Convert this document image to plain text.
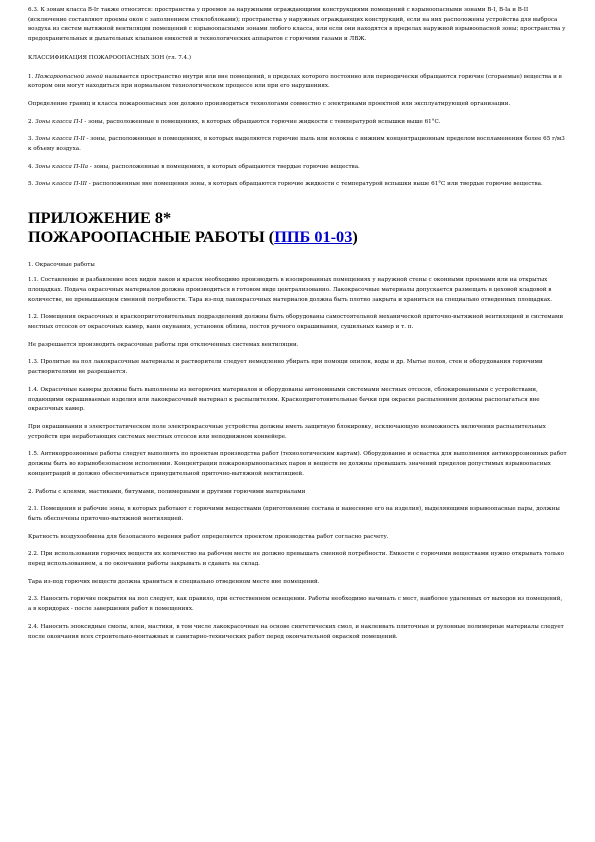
6.3. К зонам класса В-Iг также относятся: пространства у проемов за наружными ограждающими конструкциями помещений с взрывоопасными зонами В-I, В-Iа и В-II (исключение составляют проемы окон с заполнением стеклоблоками); пространства у наружных ограждающих конструкций, если на них расположены устройства для выброса воздуха из систем вытяжной вентиляции помещений с взрывоопасными зонами любого класса, или если они находятся в пределах наружной взрывоопасной зоны; пространства у предохранительных и дыхательных клапанов емкостей и технологических аппаратов с горючими газами и ЛВЖ.

КЛАССИФИКАЦИЯ ПОЖАРООПАСНЫХ ЗОН (гл. 7.4.)

1. Пожароопасной зоной называется пространство внутри или вне помещений, в пределах которого постоянно или периодически обращаются горючие (сгораемые) вещества и в котором они могут находиться при нормальном технологическом процессе или при его нарушениях.

Определение границ и класса пожароопасных зон должно производиться технологами совместно с электриками проектной или эксплуатирующей организации.

2. Зоны класса П-I - зоны, расположенные в помещениях, в которых обращаются горючие жидкости с температурой вспышки выше 61°С.

3. Зоны класса П-II - зоны, расположенные в помещениях, в которых выделяются горючие пыль или волокна с нижним концентрационным пределом воспламенения более 65 г/м3 к объему воздуха.

4. Зоны класса П-IIа - зоны, расположенные в помещениях, в которых обращаются твердые горючие вещества.

5. Зоны класса П-III - расположенные вне помещения зоны, в которых обращаются горючие жидкости с температурой вспышки выше 61°С или твердые горючие вещества.

ПРИЛОЖЕНИЕ 8*
ПОЖАРООПАСНЫЕ РАБОТЫ (ППБ 01-03)

1. Окрасочные работы

1.1. Составление и разбавление всех видов лаков и красок необходимо производить в изолированных помещениях у наружной стены с оконными проемами или на открытых площадках. Подача окрасочных материалов должна производиться в готовом виде централизованно. Лакокрасочные материалы допускается размещать в цеховой кладовой в количестве, не превышающем сменной потребности. Тара из-под лакокрасочных материалов должна быть плотно закрыта и храниться на специально отведенных площадках.

1.2. Помещения окрасочных и краскоприготовительных подразделений должны быть оборудованы самостоятельной механической приточно-вытяжной вентиляцией и системами местных отсосов от окрасочных камер, ванн окунания, установок облива, постов ручного окрашивания, сушильных камер и т. п.

Не разрешается производить окрасочные работы при отключенных системах вентиляции.

1.3. Пролитые на пол лакокрасочные материалы и растворители следует немедленно убирать при помощи опилок, воды и др. Мытье полов, стен и оборудования горючими растворителями не разрешается.

1.4. Окрасочные камеры должны быть выполнены из негорючих материалов и оборудованы автономными системами местных отсосов, сблокированными с устройствами, подающими окрашиваемые изделия или лакокрасочный материал к распылителям. Краскоприготовительные бачки при окраске распылением должны располагаться вне окрасочных камер.

При окрашивании в электростатическом поле электрокрасочные устройства должны иметь защитную блокировку, исключающую возможность включения распылительных устройств при неработающих системах местных отсосов или неподвижном конвейере.

1.5. Антикоррозионные работы следует выполнять по проектам производства работ (технологическим картам). Оборудование и оснастка для выполнения антикоррозионных работ должны быть во взрывобезопасном исполнении. Концентрации пожаровзрывоопасных паров и веществ не должны превышать значений пределов допустимых взрывоопасных концентраций и должно обеспечиваться принудительной приточно-вытяжной вентиляцией.

2. Работы с клеями, мастиками, битумами, полимерными и другими горючими материалами

2.1. Помещения и рабочие зоны, в которых работают с горючими веществами (приготовление состава и нанесение его на изделия), выделяющими взрывоопасные пары, должны быть обеспечены приточно-вытяжной вентиляцией.

Кратность воздухообмена для безопасного ведения работ определяется проектом производства работ согласно расчету.

2.2. При использовании горючих веществ их количество на рабочем месте не должно превышать сменной потребности. Емкости с горючими веществами нужно открывать только перед использованием, а по окончании работы закрывать и сдавать на склад.

Тара из-под горючих веществ должна храниться в специально отведенном месте вне помещений.

2.3. Наносить горючие покрытия на пол следует, как правило, при естественном освещении. Работы необходимо начинать с мест, наиболее удаленных от выходов из помещений, а в коридорах - после завершения работ в помещениях.

2.4. Наносить эпоксидные смолы, клеи, мастики, в том числе лакокрасочные на основе синтетических смол, и наклеивать плиточные и рулонные полимерные материалы следует после окончания всех строительно-монтажных и санитарно-технических работ перед окончательной окраской помещений.
